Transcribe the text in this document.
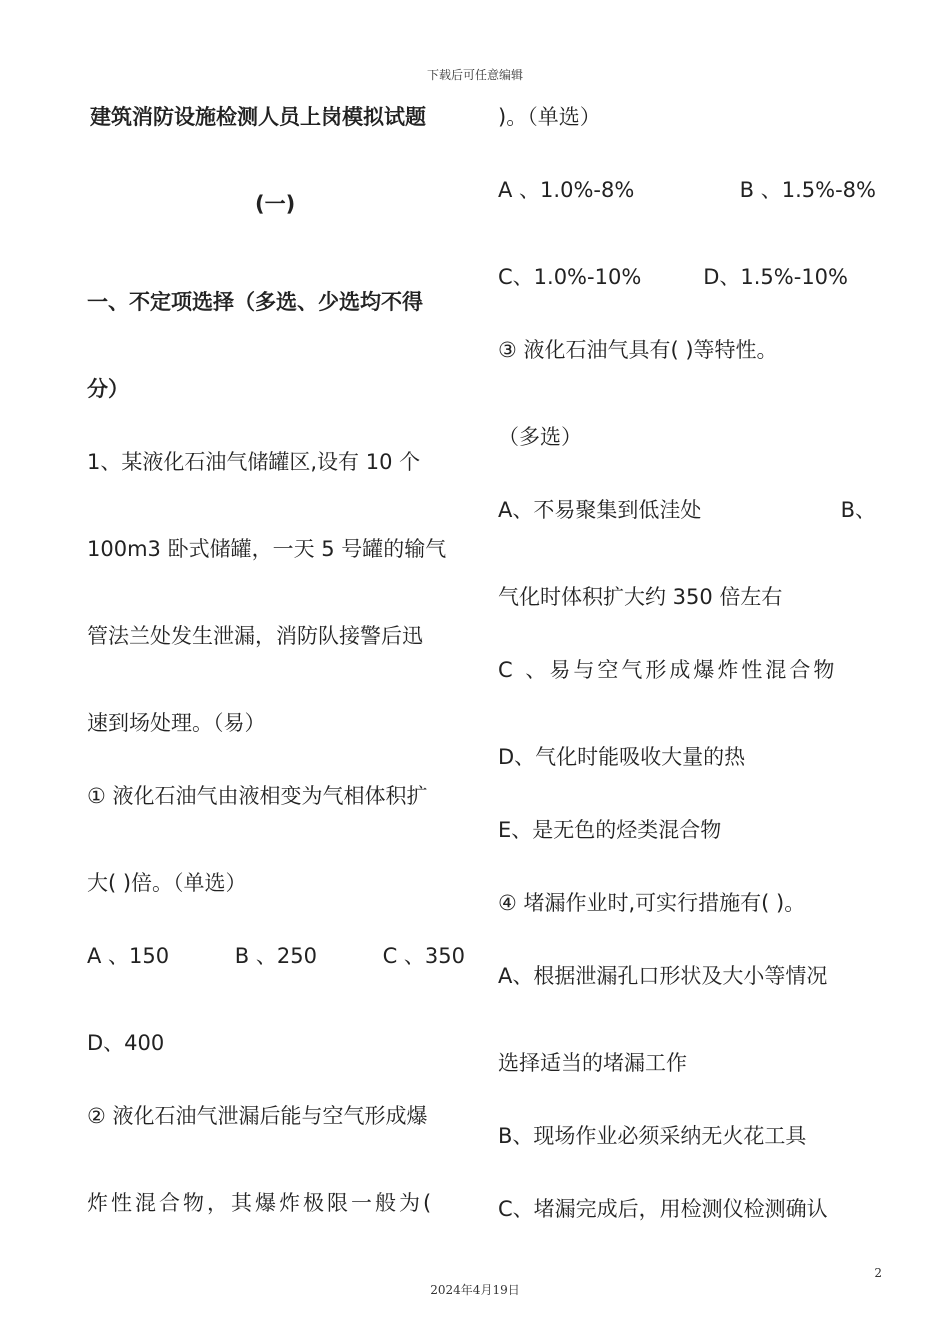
下载后可任意编辑
建筑消防设施检测人员上岗模拟试题
(一)
一、不定项选择（多选、少选均不得
分）
1、某液化石油气储罐区,设有 10 个
100m3 卧式储罐，一天 5 号罐的输气
管法兰处发生泄漏，消防队接警后迅
速到场处理。（易）
① 液化石油气由液相变为气相体积扩
大( )倍。（单选）
A 、150	B 、250	C 、350
D、400
② 液化石油气泄漏后能与空气形成爆
炸性混合物，其爆炸极限一般为(
)。（单选）
A 、1.0%-8%	B 、1.5%-8%
C、1.0%-10%	D、1.5%-10%
③ 液化石油气具有( )等特性。
（多选）
A、不易聚集到低洼处	B、
气化时体积扩大约 350 倍左右
C 、易与空气形成爆炸性混合物
D、气化时能吸收大量的热
E、是无色的烃类混合物
④ 堵漏作业时,可实行措施有( )。
A、根据泄漏孔口形状及大小等情况
选择适当的堵漏工作
B、现场作业必须采纳无火花工具
C、堵漏完成后，用检测仪检测确认
2
2024年4月19日
